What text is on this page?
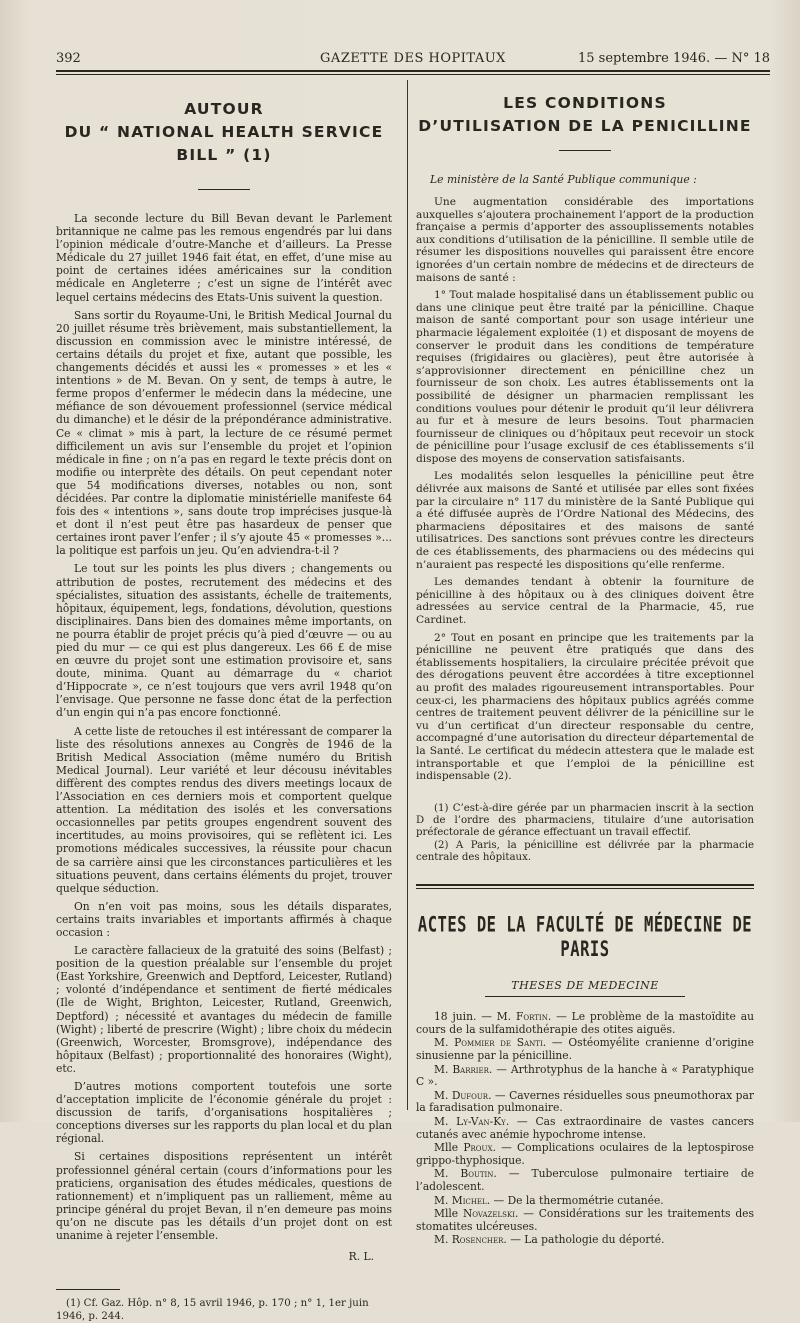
392	GAZETTE DES HOPITAUX	15 septembre 1946. — N° 18
AUTOUR
DU “ NATIONAL HEALTH SERVICE BILL ” (1)

La seconde lecture du Bill Bevan devant le Parlement britannique ne calme pas les remous engendrés par lui dans l’opinion médicale d’outre-Manche et d’ailleurs. La Presse Médicale du 27 juillet 1946 fait état, en effet, d’une mise au point de certaines idées américaines sur la condition médicale en Angleterre ; c’est un signe de l’intérêt avec lequel certains médecins des Etats-Unis suivent la question.

Sans sortir du Royaume-Uni, le British Medical Journal du 20 juillet résume très brièvement, mais substantiellement, la discussion en commission avec le ministre intéressé, de certains détails du projet et fixe, autant que possible, les changements décidés et aussi les « promesses » et les « intentions » de M. Bevan. On y sent, de temps à autre, le ferme propos d’enfermer le médecin dans la médecine, une méfiance de son dévouement professionnel (service médical du dimanche) et le désir de la prépondérance administrative. Ce « climat » mis à part, la lecture de ce résumé permet difficilement un avis sur l’ensemble du projet et l’opinion médicale in fine ; on n’a pas en regard le texte précis dont on modifie ou interprète des détails. On peut cependant noter que 54 modifications diverses, notables ou non, sont décidées. Par contre la diplomatie ministérielle manifeste 64 fois des « intentions », sans doute trop imprécises jusque-là et dont il n’est peut être pas hasardeux de penser que certaines iront paver l’enfer ; il s’y ajoute 45 « promesses »... la politique est parfois un jeu. Qu’en adviendra-t-il ?

Le tout sur les points les plus divers ; changements ou attribution de postes, recrutement des médecins et des spécialistes, situation des assistants, échelle de traitements, hôpitaux, équipement, legs, fondations, dévolution, questions disciplinaires. Dans bien des domaines même importants, on ne pourra établir de projet précis qu’à pied d’œuvre — ou au pied du mur — ce qui est plus dangereux. Les 66 £ de mise en œuvre du projet sont une estimation provisoire et, sans doute, minima. Quant au démarrage du « chariot d’Hippocrate », ce n’est toujours que vers avril 1948 qu’on l’envisage. Que personne ne fasse donc état de la perfection d’un engin qui n’a pas encore fonctionné.

A cette liste de retouches il est intéressant de comparer la liste des résolutions annexes au Congrès de 1946 de la British Medical Association (même numéro du British Medical Journal). Leur variété et leur décousu inévitables diffèrent des comptes rendus des divers meetings locaux de l’Association en ces derniers mois et comportent quelque attention. La méditation des isolés et les conversations occasionnelles par petits groupes engendrent souvent des incertitudes, au moins provisoires, qui se reflètent ici. Les promotions médicales successives, la réussite pour chacun de sa carrière ainsi que les circonstances particulières et les situations peuvent, dans certains éléments du projet, trouver quelque séduction.

On n’en voit pas moins, sous les détails disparates, certains traits invariables et importants affirmés à chaque occasion :

Le caractère fallacieux de la gratuité des soins (Belfast) ; position de la question préalable sur l’ensemble du projet (East Yorkshire, Greenwich and Deptford, Leicester, Rutland) ; volonté d’indépendance et sentiment de fierté médicales (Ile de Wight, Brighton, Leicester, Rutland, Greenwich, Deptford) ; nécessité et avantages du médecin de famille (Wight) ; liberté de prescrire (Wight) ; libre choix du médecin (Greenwich, Worcester, Bromsgrove), indépendance des hôpitaux (Belfast) ; proportionnalité des honoraires (Wight), etc.

D’autres motions comportent toutefois une sorte d’acceptation implicite de l’économie générale du projet : discussion de tarifs, d’organisations hospitalières ; conceptions diverses sur les rapports du plan local et du plan régional.

Si certaines dispositions représentent un intérêt professionnel général certain (cours d’informations pour les praticiens, organisation des études médicales, questions de rationnement) et n’impliquent pas un ralliement, même au principe général du projet Bevan, il n’en demeure pas moins qu’on ne discute pas les détails d’un projet dont on est unanime à rejeter l’ensemble.

R. L.

(1) Cf. Gaz. Hôp. n° 8, 15 avril 1946, p. 170 ; n° 1, 1er juin 1946, p. 244.

LES CONDITIONS
D’UTILISATION DE LA PENICILLINE
Le ministère de la Santé Publique communique :

Une augmentation considérable des importations auxquelles s’ajoutera prochainement l’apport de la production française a permis d’apporter des assouplissements notables aux conditions d’utilisation de la pénicilline. Il semble utile de résumer les dispositions nouvelles qui paraissent être encore ignorées d’un certain nombre de médecins et de directeurs de maisons de santé :

1° Tout malade hospitalisé dans un établissement public ou dans une clinique peut être traité par la pénicilline. Chaque maison de santé comportant pour son usage intérieur une pharmacie légalement exploitée (1) et disposant de moyens de conserver le produit dans les conditions de température requises (frigidaires ou glacières), peut être autorisée à s’approvisionner directement en pénicilline chez un fournisseur de son choix. Les autres établissements ont la possibilité de désigner un pharmacien remplissant les conditions voulues pour détenir le produit qu’il leur délivrera au fur et à mesure de leurs besoins. Tout pharmacien fournisseur de cliniques ou d’hôpitaux peut recevoir un stock de pénicilline pour l’usage exclusif de ces établissements s’il dispose des moyens de conservation satisfaisants.

Les modalités selon lesquelles la pénicilline peut être délivrée aux maisons de Santé et utilisée par elles sont fixées par la circulaire n° 117 du ministère de la Santé Publique qui a été diffusée auprès de l’Ordre National des Médecins, des pharmaciens dépositaires et des maisons de santé utilisatrices. Des sanctions sont prévues contre les directeurs de ces établissements, des pharmaciens ou des médecins qui n’auraient pas respecté les dispositions qu’elle renferme.

Les demandes tendant à obtenir la fourniture de pénicilline à des hôpitaux ou à des cliniques doivent être adressées au service central de la Pharmacie, 45, rue Cardinet.

2° Tout en posant en principe que les traitements par la pénicilline ne peuvent être pratiqués que dans des établissements hospitaliers, la circulaire précitée prévoit que des dérogations peuvent être accordées à titre exceptionnel au profit des malades rigoureusement intransportables. Pour ceux-ci, les pharmaciens des hôpitaux publics agréés comme centres de traitement peuvent délivrer de la pénicilline sur le vu d’un certificat d’un directeur responsable du centre, accompagné d’une autorisation du directeur départemental de la Santé. Le certificat du médecin attestera que le malade est intransportable et que l’emploi de la pénicilline est indispensable (2).

(1) C’est-à-dire gérée par un pharmacien inscrit à la section D de l’ordre des pharmaciens, titulaire d’une autorisation préfectorale de gérance effectuant un travail effectif.

(2) A Paris, la pénicilline est délivrée par la pharmacie centrale des hôpitaux.

ACTES DE LA FACULTÉ DE MÉDECINE DE PARIS
THESES DE MEDECINE

18 juin. — M. Fortin. — Le problème de la mastoïdite au cours de la sulfamidothérapie des otites aiguës.

M. Pommier de Santi. — Ostéomyélite cranienne d’origine sinusienne par la pénicilline.

M. Barrier. — Arthrotyphus de la hanche à « Paratyphique C ».

M. Dufour. — Cavernes résiduelles sous pneumothorax par la faradisation pulmonaire.

M. Ly-Van-Ky. — Cas extraordinaire de vastes cancers cutanés avec anémie hypochrome intense.

Mlle Proux. — Complications oculaires de la leptospirose grippo-thyphosique.

M. Boutin. — Tuberculose pulmonaire tertiaire de l’adolescent.

M. Michel. — De la thermométrie cutanée.

Mlle Novazelski. — Considérations sur les traitements des stomatites ulcéreuses.

M. Rosencher. — La pathologie du déporté.
